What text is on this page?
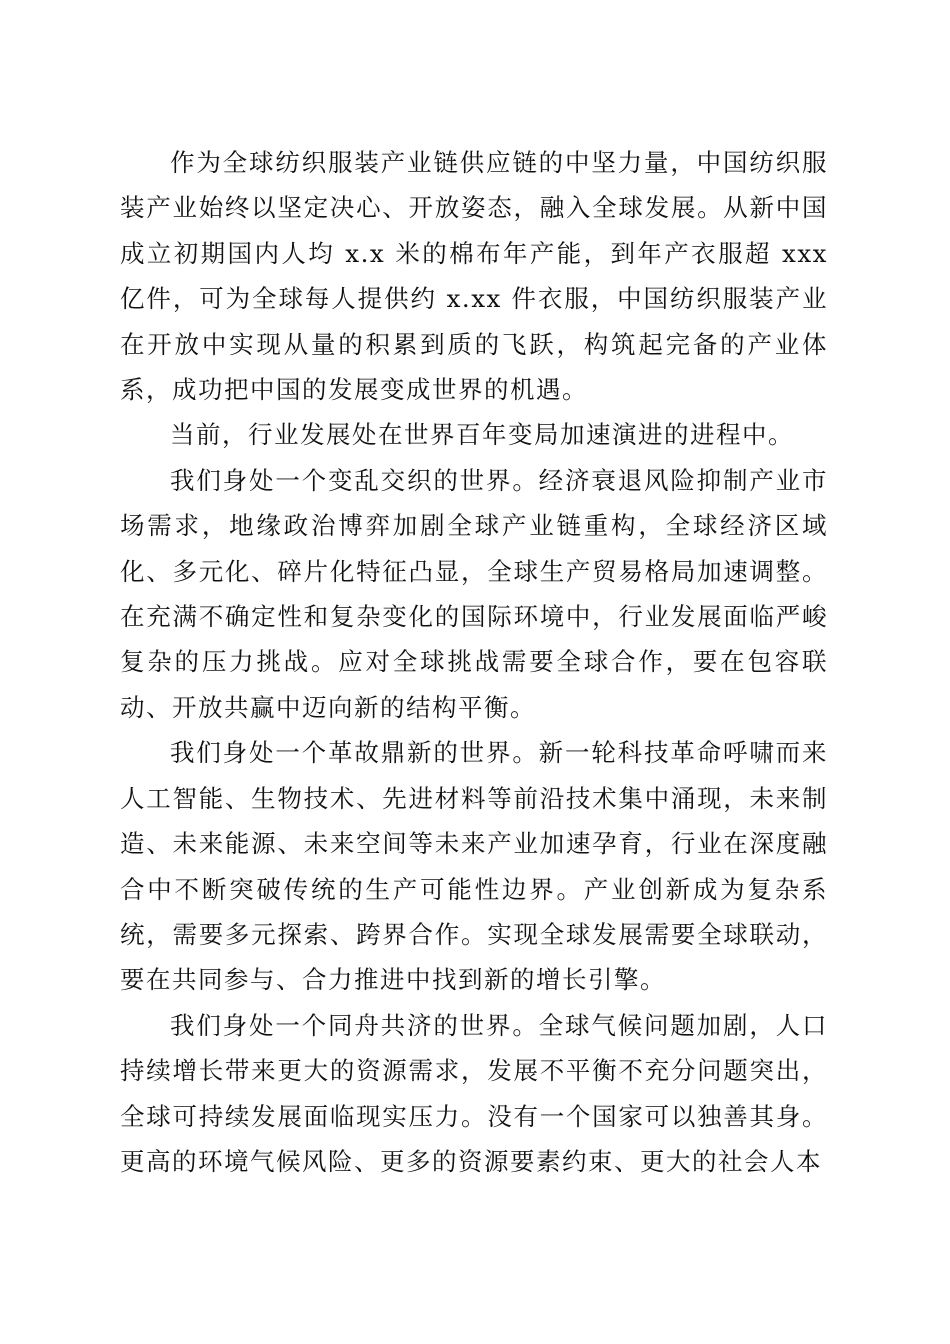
作为全球纺织服装产业链供应链的中坚力量，中国纺织服装产业始终以坚定决心、开放姿态，融入全球发展。从新中国成立初期国内人均 x.x 米的棉布年产能，到年产衣服超 xxx 亿件，可为全球每人提供约 x.xx 件衣服，中国纺织服装产业在开放中实现从量的积累到质的飞跃，构筑起完备的产业体系，成功把中国的发展变成世界的机遇。

当前，行业发展处在世界百年变局加速演进的进程中。

我们身处一个变乱交织的世界。经济衰退风险抑制产业市场需求，地缘政治博弈加剧全球产业链重构，全球经济区域化、多元化、碎片化特征凸显，全球生产贸易格局加速调整。在充满不确定性和复杂变化的国际环境中，行业发展面临严峻复杂的压力挑战。应对全球挑战需要全球合作，要在包容联动、开放共赢中迈向新的结构平衡。

我们身处一个革故鼎新的世界。新一轮科技革命呼啸而来人工智能、生物技术、先进材料等前沿技术集中涌现，未来制造、未来能源、未来空间等未来产业加速孕育，行业在深度融合中不断突破传统的生产可能性边界。产业创新成为复杂系统，需要多元探索、跨界合作。实现全球发展需要全球联动，要在共同参与、合力推进中找到新的增长引擎。

我们身处一个同舟共济的世界。全球气候问题加剧，人口持续增长带来更大的资源需求，发展不平衡不充分问题突出，全球可持续发展面临现实压力。没有一个国家可以独善其身。更高的环境气候风险、更多的资源要素约束、更大的社会人本
